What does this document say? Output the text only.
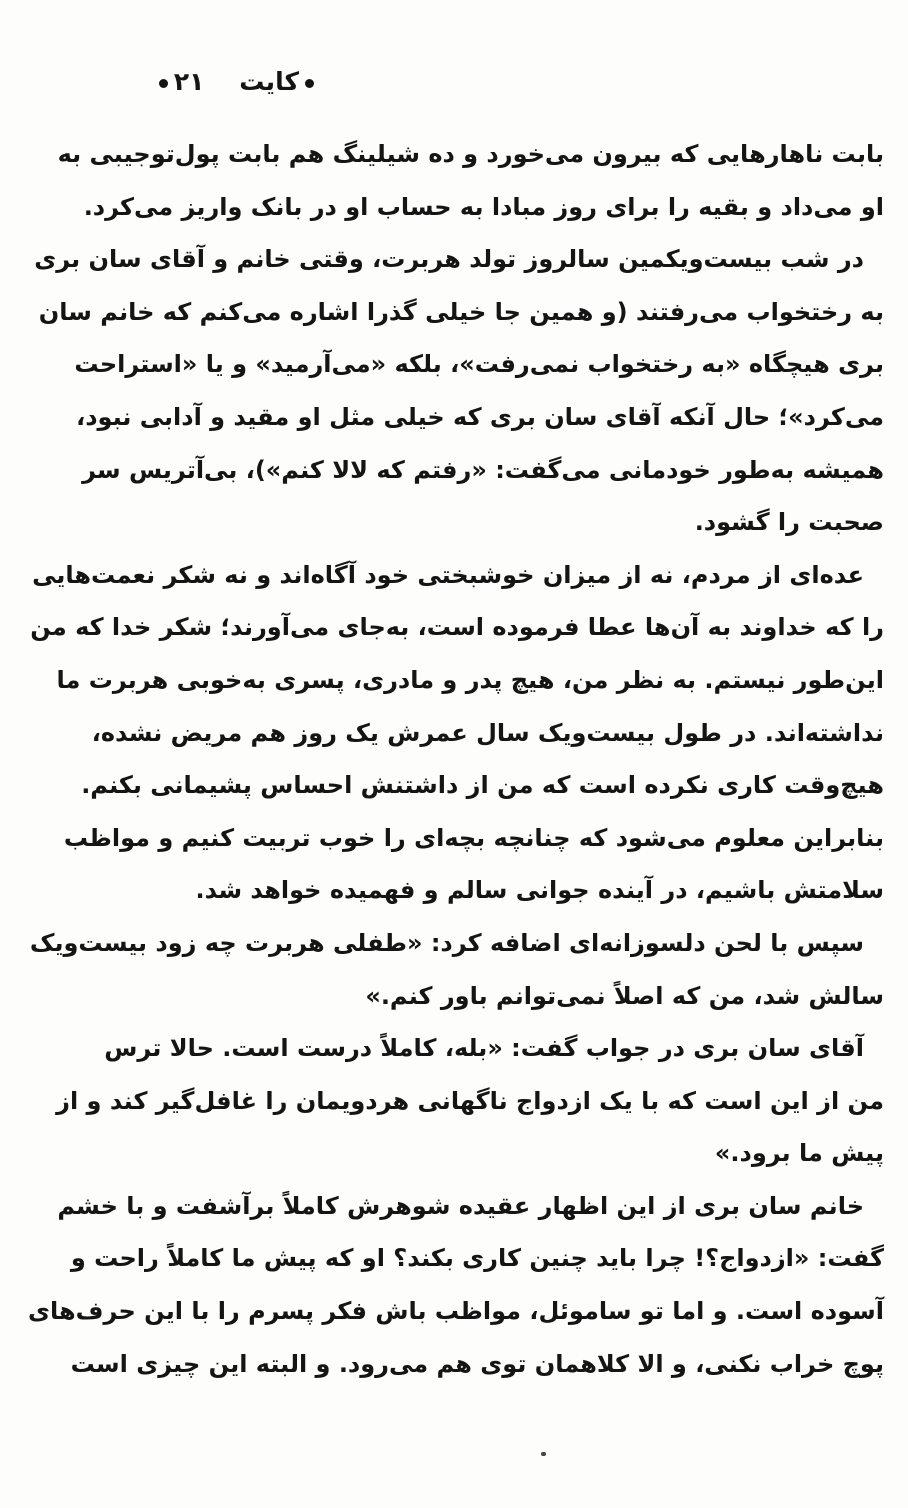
کایت    ۲۱
بابت ناهارهایی که بیرون می‌خورد و ده شیلینگ هم بابت پول‌توجیبی به
او می‌داد و بقیه را برای روز مبادا به حساب او در بانک واریز می‌کرد.
در شب بیست‌ویکمین سالروز تولد هربرت، وقتی خانم و آقای سان بری
به رختخواب می‌رفتند (و همین جا خیلی گذرا اشاره می‌کنم که خانم سان
بری هیچگاه «به رختخواب نمی‌رفت»، بلکه «می‌آرمید» و یا «استراحت
می‌کرد»؛ حال آنکه آقای سان بری که خیلی مثل او مقید و آدابی نبود،
همیشه به‌طور خودمانی می‌گفت: «رفتم که لالا کنم»)، بی‌آتریس سر
صحبت را گشود.
عده‌ای از مردم، نه از میزان خوشبختی خود آگاه‌اند و نه شکر نعمت‌هایی
را که خداوند به آن‌ها عطا فرموده است، به‌جای می‌آورند؛ شکر خدا که من
این‌طور نیستم. به نظر من، هیچ پدر و مادری، پسری به‌خوبی هربرت ما
نداشته‌اند. در طول بیست‌ویک سال عمرش یک روز هم مریض نشده،
هیچ‌وقت کاری نکرده است که من از داشتنش احساس پشیمانی بکنم.
بنابراین معلوم می‌شود که چنانچه بچه‌ای را خوب تربیت کنیم و مواظب
سلامتش باشیم، در آینده جوانی سالم و فهمیده خواهد شد.
سپس با لحن دلسوزانه‌ای اضافه کرد: «طفلی هربرت چه زود بیست‌ویک
سالش شد، من که اصلاً نمی‌توانم باور کنم.»
آقای سان بری در جواب گفت: «بله، کاملاً درست است. حالا ترس
من از این است که با یک ازدواج ناگهانی هردویمان را غافل‌گیر کند و از
پیش ما برود.»
خانم سان بری از این اظهار عقیده شوهرش کاملاً برآشفت و با خشم
گفت: «ازدواج؟! چرا باید چنین کاری بکند؟ او که پیش ما کاملاً راحت و
آسوده است. و اما تو ساموئل، مواظب باش فکر پسرم را با این حرف‌های
پوچ خراب نکنی، و الا کلاهمان توی هم می‌رود. و البته این چیزی است
